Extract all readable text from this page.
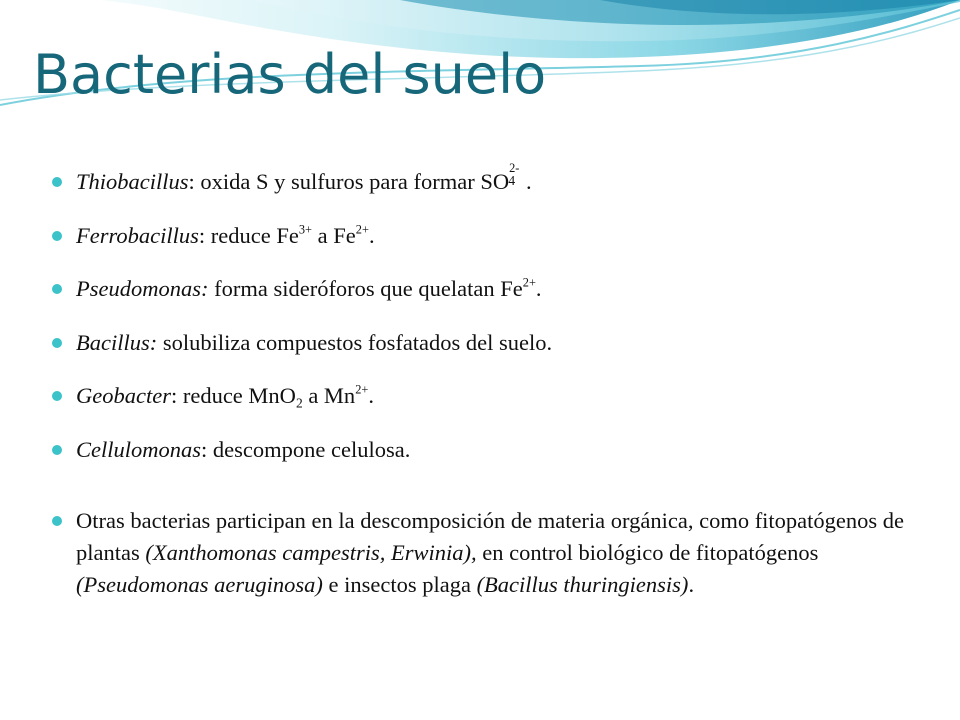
Bacterias del suelo
Thiobacillus: oxida S y sulfuros para formar SO
2-
4 .
Ferrobacillus: reduce $Fe^{3+}$ a $Fe^{2+}$.
Pseudomonas: forma sideróforos que quelatan $Fe^{2+}$.
Bacillus: solubiliza compuestos fosfatados del suelo.
Geobacter: reduce MnO$_2$ a $Mn^{2+}$.
Cellulomonas: descompone celulosa.
Otras bacterias participan en la descomposición de materia orgánica, como fitopatógenos de plantas (Xanthomonas campestris, Erwinia), en control biológico de fitopatógenos (Pseudomonas aeruginosa) e insectos plaga (Bacillus thuringiensis).
